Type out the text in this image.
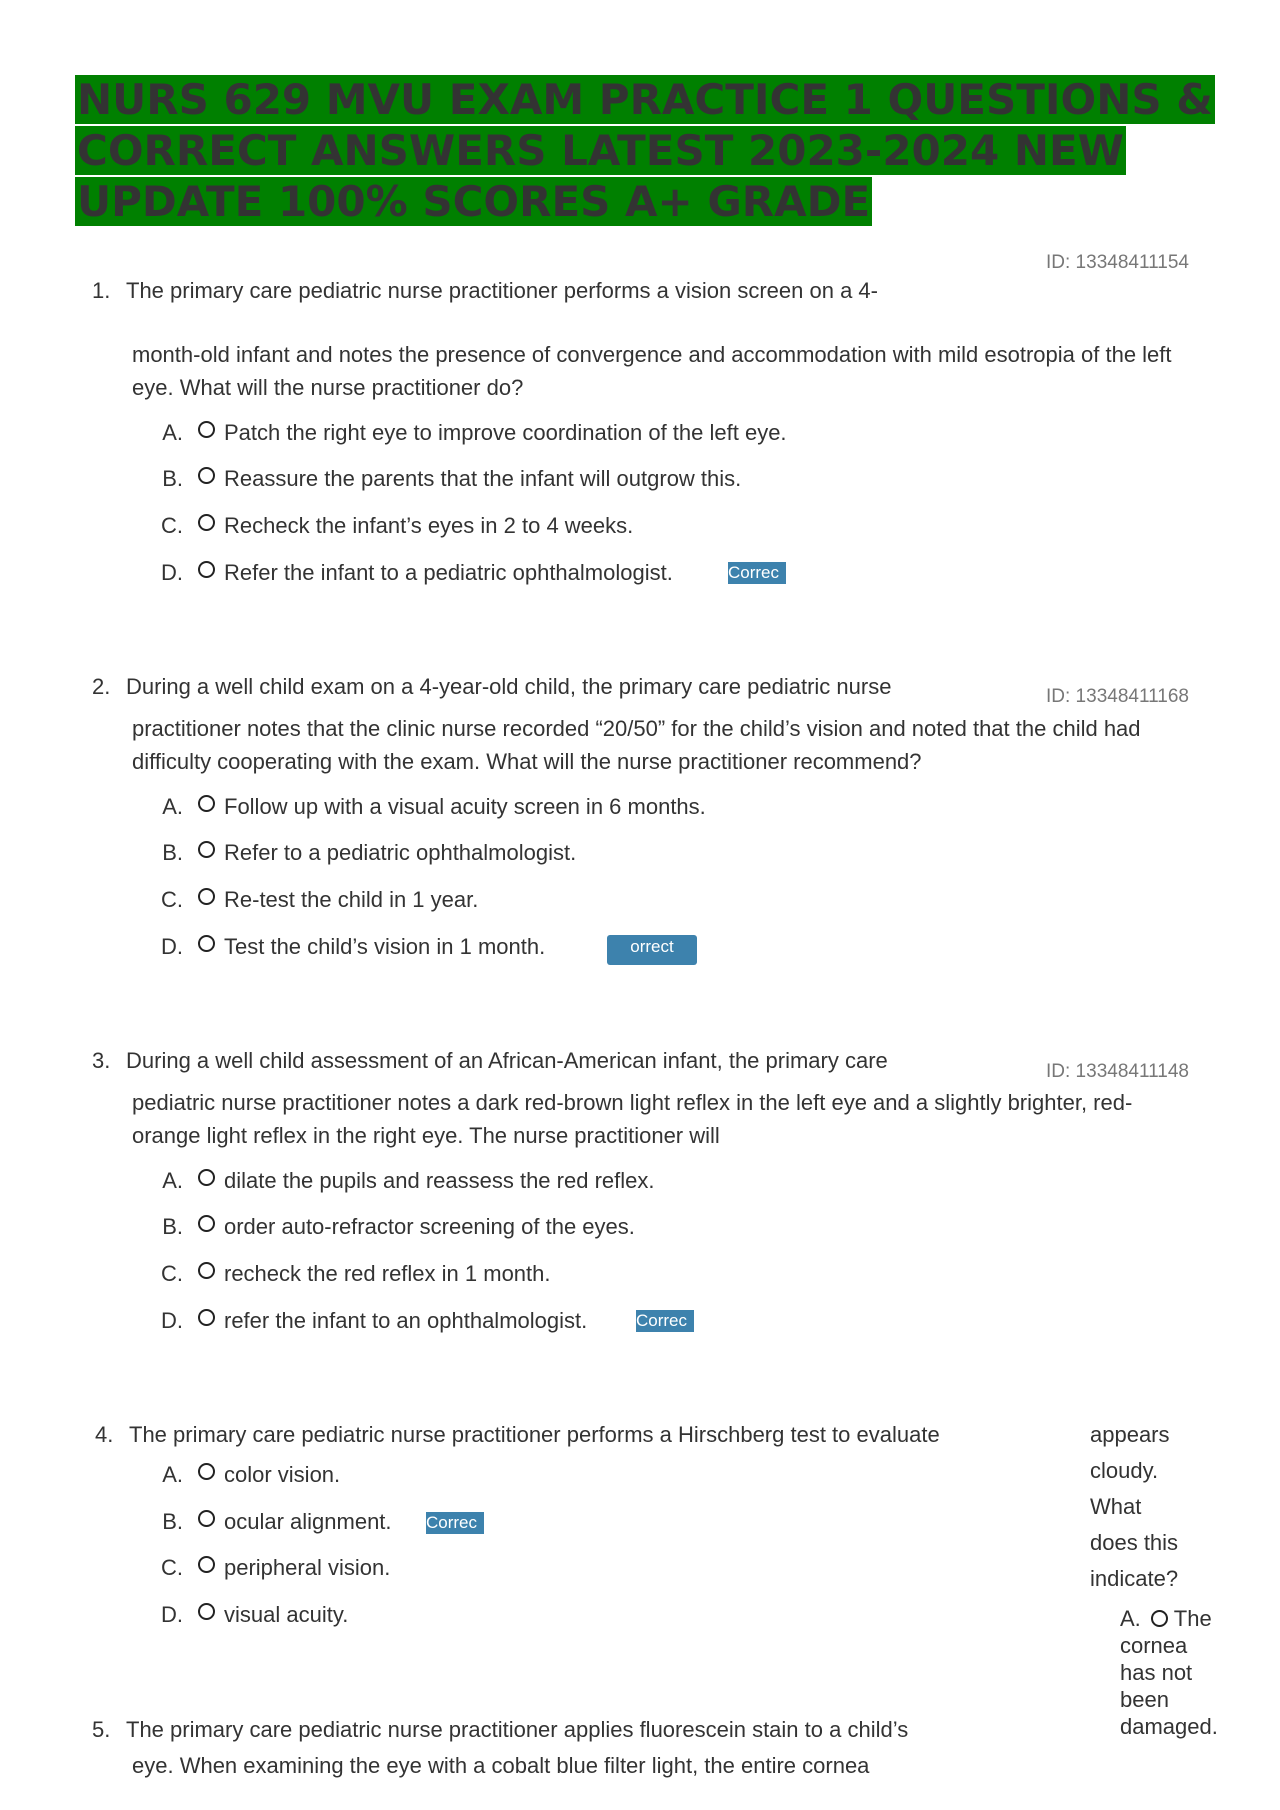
NURS 629 MVU EXAM PRACTICE 1 QUESTIONS & CORRECT ANSWERS LATEST 2023-2024 NEW UPDATE 100% SCORES A+ GRADE
ID: 13348411154
1. The primary care pediatric nurse practitioner performs a vision screen on a 4-
month-old infant and notes the presence of convergence and accommodation with mild esotropia of the left eye. What will the nurse practitioner do?
A. Patch the right eye to improve coordination of the left eye.
B. Reassure the parents that the infant will outgrow this.
C. Recheck the infant’s eyes in 2 to 4 weeks.
D. Refer the infant to a pediatric ophthalmologist.	Correc
2. During a well child exam on a 4-year-old child, the primary care pediatric nurse	ID: 13348411168
practitioner notes that the clinic nurse recorded “20/50” for the child’s vision and noted that the child had difficulty cooperating with the exam. What will the nurse practitioner recommend?
A. Follow up with a visual acuity screen in 6 months.
B. Refer to a pediatric ophthalmologist.
C. Re-test the child in 1 year.
D. Test the child’s vision in 1 month.	orrect
3. During a well child assessment of an African-American infant, the primary care	ID: 13348411148
pediatric nurse practitioner notes a dark red-brown light reflex in the left eye and a slightly brighter, red-orange light reflex in the right eye. The nurse practitioner will
A. dilate the pupils and reassess the red reflex.
B. order auto-refractor screening of the eyes.
C. recheck the red reflex in 1 month.
D. refer the infant to an ophthalmologist.	Correc
4. The primary care pediatric nurse practitioner performs a Hirschberg test to evaluate
A. color vision.
B. ocular alignment. Correc
C. peripheral vision.
D. visual acuity.
appears
cloudy.
What
does this
indicate?
A. The
cornea
has not
been
damaged.
5. The primary care pediatric nurse practitioner applies fluorescein stain to a child’s
eye. When examining the eye with a cobalt blue filter light, the entire cornea
